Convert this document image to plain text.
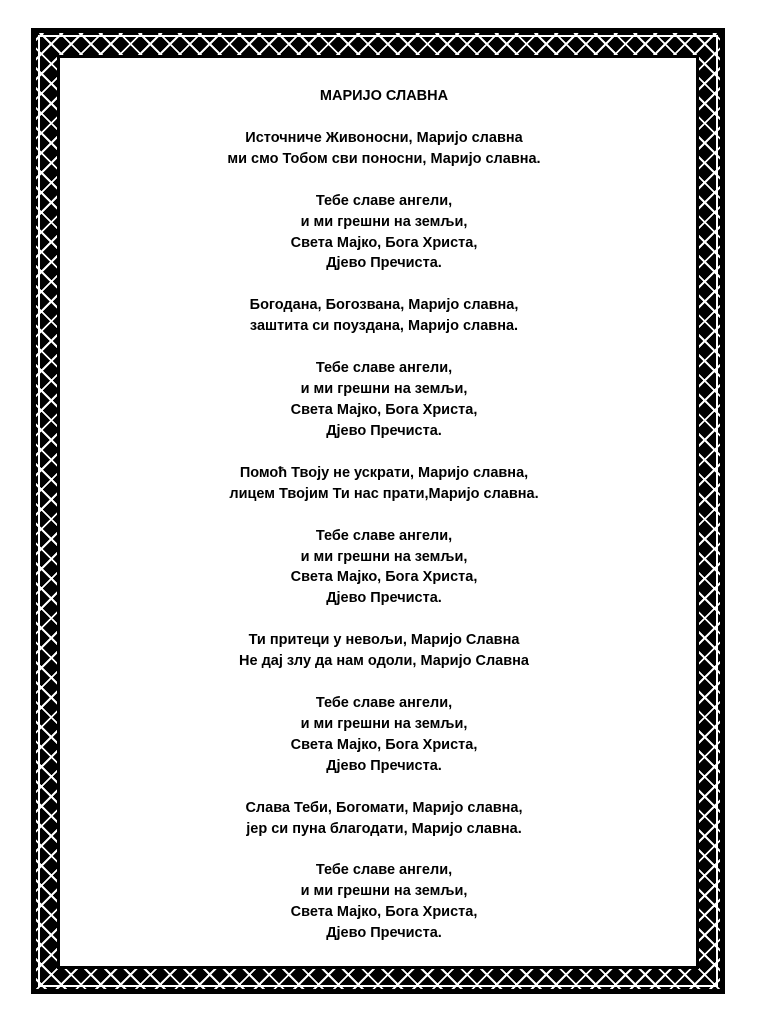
МАРИЈО СЛАВНА
Источниче Живоносни, Маријо славна
ми смо Тобом сви поносни, Маријо славна.
Тебе славе ангели,
и ми грешни на земљи,
Света Мајко, Бога Христа,
Дјево Пречиста.
Богодана, Богозвана, Маријо славна,
заштита си поуздана, Маријо славна.
Тебе славе ангели,
и ми грешни на земљи,
Света Мајко, Бога Христа,
Дјево Пречиста.
Помоћ Твоју не ускрати, Маријо славна,
лицем Твојим Ти нас прати,Маријо славна.
Тебе славе ангели,
и ми грешни на земљи,
Света Мајко, Бога Христа,
Дјево Пречиста.
Ти притеци у невољи, Маријо Славна
Не дај злу да нам одоли, Маријо Славна
Тебе славе ангели,
и ми грешни на земљи,
Света Мајко, Бога Христа,
Дјево Пречиста.
Слава Теби, Богомати, Маријо славна,
јер си пуна благодати, Маријо славна.
Тебе славе ангели,
и ми грешни на земљи,
Света Мајко, Бога Христа,
Дјево Пречиста.
